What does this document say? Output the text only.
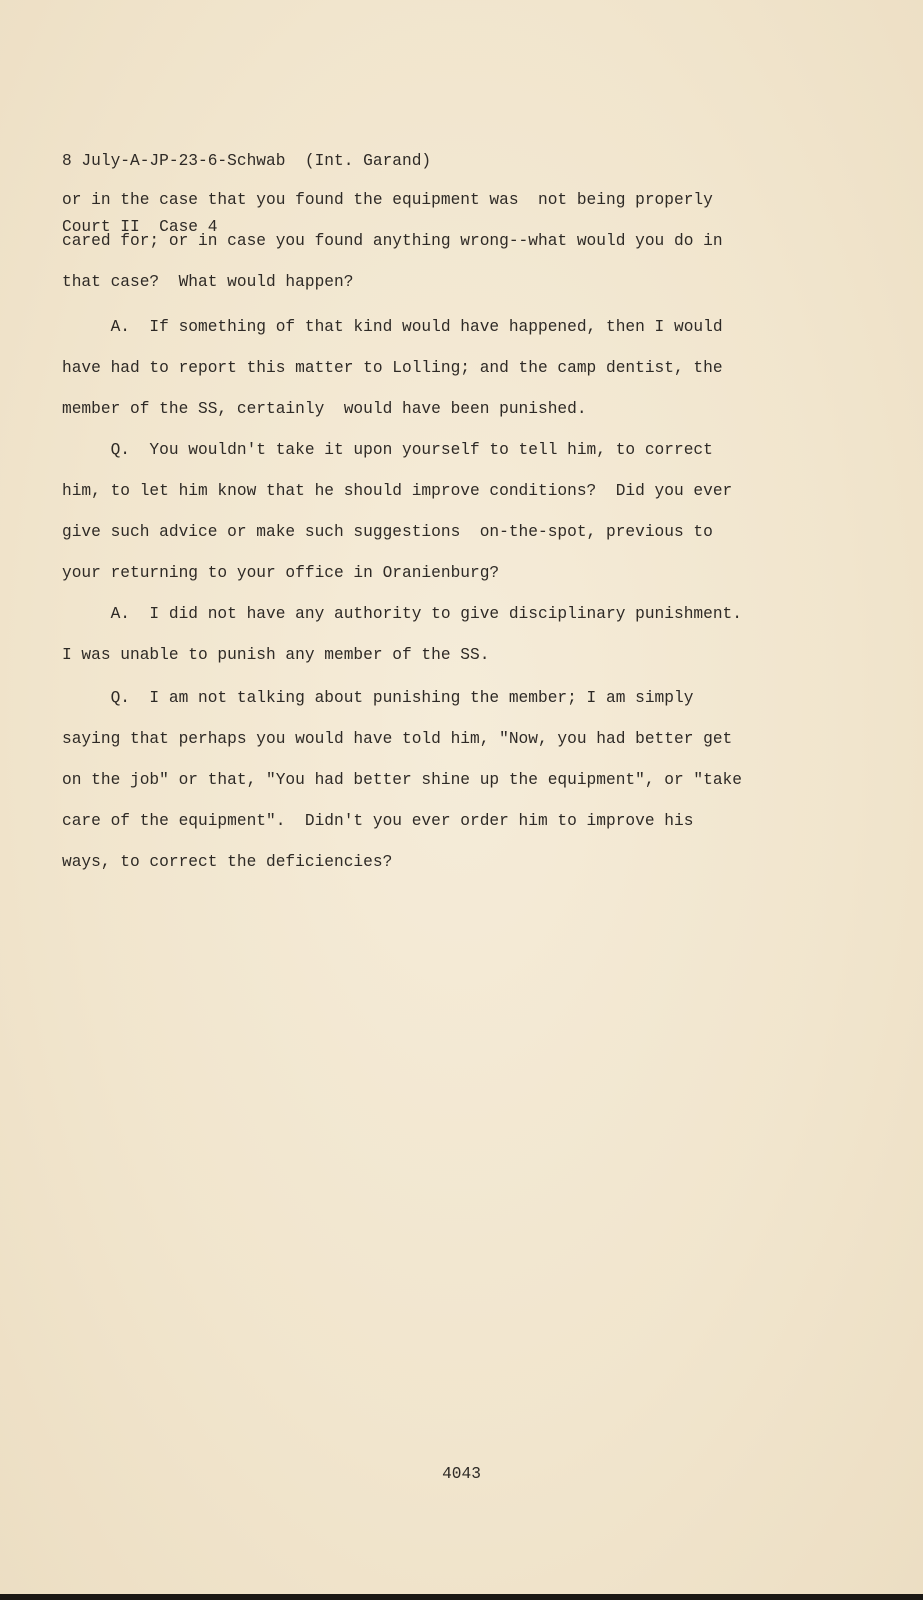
8 July-A-JP-23-6-Schwab  (Int. Garand)

Court II  Case 4

or in the case that you found the equipment was  not being properly
cared for; or in case you found anything wrong--what would you do in
that case?  What would happen?
A.  If something of that kind would have happened, then I would
have had to report this matter to Lolling; and the camp dentist, the
member of the SS, certainly  would have been punished.
Q.  You wouldn't take it upon yourself to tell him, to correct
him, to let him know that he should improve conditions?  Did you ever
give such advice or make such suggestions  on-the-spot, previous to
your returning to your office in Oranienburg?
A.  I did not have any authority to give disciplinary punishment.
I was unable to punish any member of the SS.
Q.  I am not talking about punishing the member; I am simply
saying that perhaps you would have told him, "Now, you had better get
on the job" or that, "You had better shine up the equipment", or "take
care of the equipment".  Didn't you ever order him to improve his
ways, to correct the deficiencies?
4043
